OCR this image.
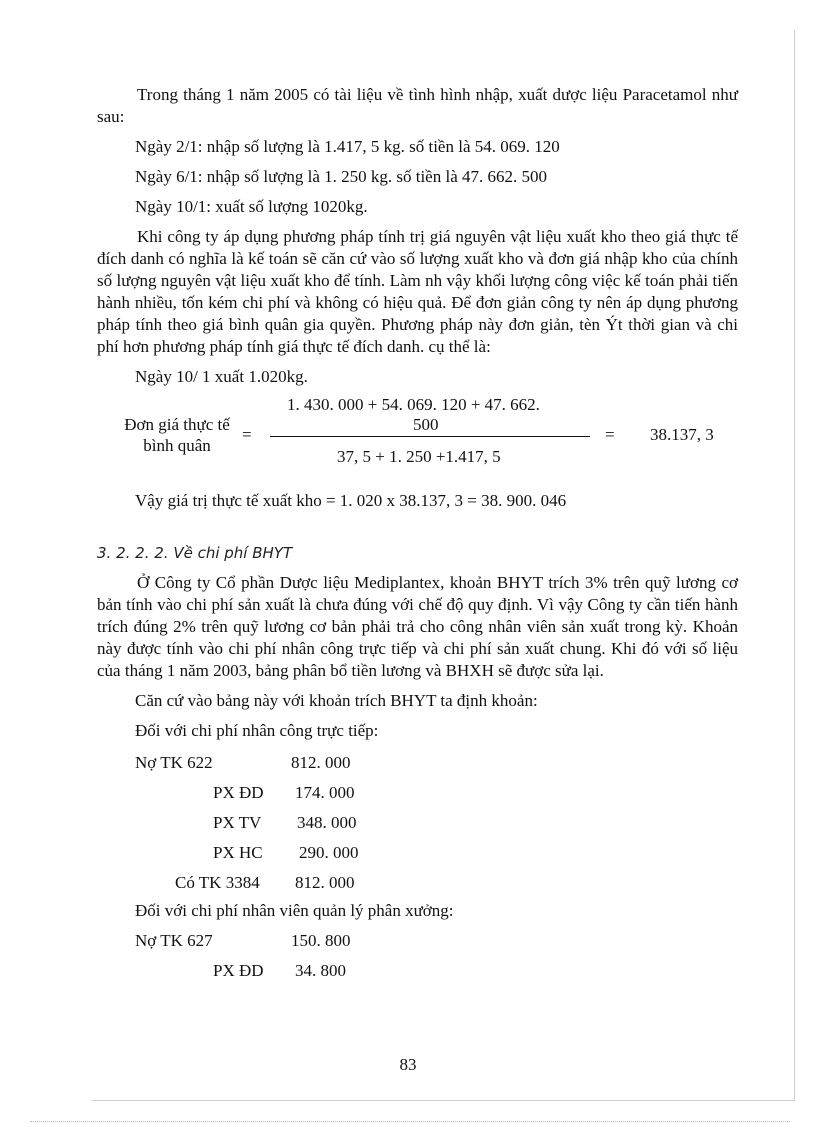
Trong tháng 1 năm 2005 có tài liệu về tình hình nhập, xuất dược liệu Paracetamol như sau:

Ngày 2/1: nhập số lượng là 1.417, 5 kg. số tiền là 54. 069. 120

Ngày 6/1: nhập số lượng là 1. 250 kg. số tiền là 47. 662. 500

Ngày 10/1: xuất số lượng 1020kg.

Khi công ty áp dụng phương pháp tính trị giá nguyên vật liệu xuất kho theo giá thực tế đích danh có nghĩa là kế toán sẽ căn cứ vào số lượng xuất kho và đơn giá nhập kho của chính số lượng nguyên vật liệu xuất kho để tính. Làm nh vậy khối lượng công việc kế toán phải tiến hành nhiều, tốn kém chi phí và không có hiệu quả. Để đơn giản công ty nên áp dụng phương pháp tính theo giá bình quân gia quyền. Phương pháp này đơn giản, tèn Ýt thời gian và chi phí hơn phương pháp tính giá thực tế đích danh. cụ thể là:

Ngày 10/ 1 xuất 1.020kg.

Đơn giá thực tế
bình quân
=
1. 430. 000 + 54. 069. 120 + 47. 662.
500
37, 5 + 1. 250 +1.417, 5
= 38.137, 3

Vậy giá trị thực tế xuất kho = 1. 020 x 38.137, 3 = 38. 900. 046

3. 2. 2. 2. Về chi phí BHYT

Ở Công ty Cổ phần Dược liệu Mediplantex, khoản BHYT trích 3% trên quỹ lương cơ bản tính vào chi phí sản xuất là chưa đúng với chế độ quy định. Vì vậy Công ty cần tiến hành trích đúng 2% trên quỹ lương cơ bản phải trả cho công nhân viên sản xuất trong kỳ. Khoản này được tính vào chi phí nhân công trực tiếp và chi phí sản xuất chung. Khi đó với số liệu của tháng 1 năm 2003, bảng phân bổ tiền lương và BHXH sẽ được sửa lại.

Căn cứ vào bảng này với khoản trích BHYT ta định khoản:

Đối với chi phí nhân công trực tiếp:

Nợ TK 622	812. 000
PX ĐD 174. 000
PX TV 348. 000
PX HC 290. 000
Có TK 3384 812. 000

Đối với chi phí nhân viên quản lý phân xưởng:

Nợ TK 627	150. 800
PX ĐD 34. 800
83
